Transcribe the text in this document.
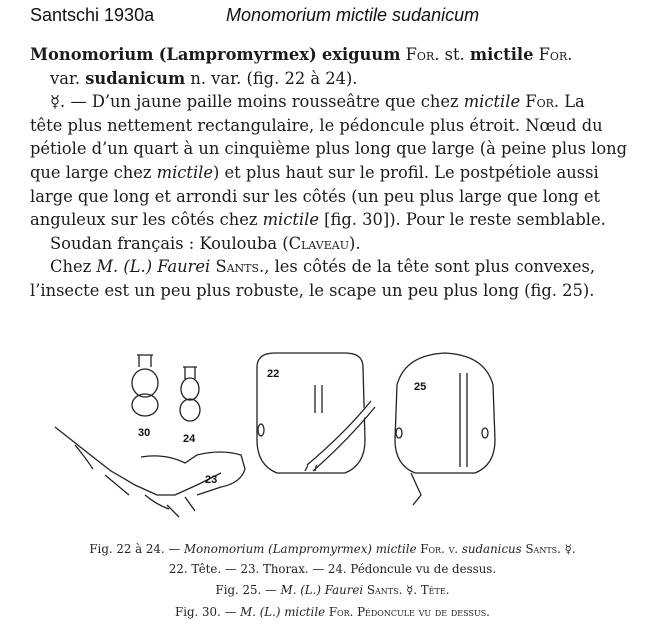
Santschi 1930a	Monomorium mictile sudanicum
Monomorium (Lampromyrmex) exiguum For. st. mictile For.
var. sudanicum n. var. (fig. 22 à 24).
☿. — D’un jaune paille moins rousseâtre que chez mictile For. La
tête plus nettement rectangulaire, le pédoncule plus étroit. Nœud du
pétiole d’un quart à un cinquième plus long que large (à peine plus long
que large chez mictile) et plus haut sur le profil. Le postpétiole aussi
large que long et arrondi sur les côtés (un peu plus large que long et
anguleux sur les côtés chez mictile [fig. 30]). Pour le reste semblable.
Soudan français : Koulouba (Claveau).
Chez M. (L.) Faurei Sants., les côtés de la tête sont plus convexes,
l’insecte est un peu plus robuste, le scape un peu plus long (fig. 25).
30	24
22
25
23
Fig. 22 à 24. — Monomorium (Lampromyrmex) mictile For. v. sudanicus Sants. ☿.
22. Tête. — 23. Thorax. — 24. Pédoncule vu de dessus.
Fig. 25. — M. (L.) Faurei Sants. ☿. Tête.
Fig. 30. — M. (L.) mictile For. Pédoncule vu de dessus.
